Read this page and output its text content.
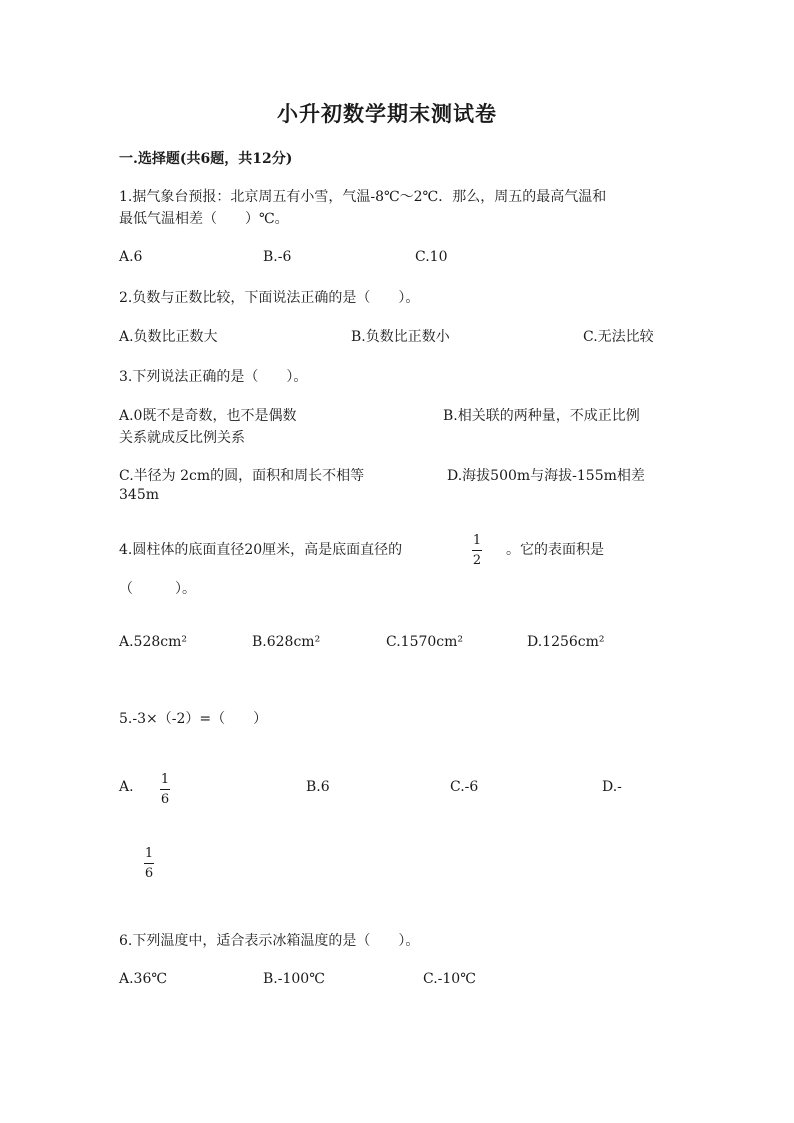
小升初数学期末测试卷
一.选择题(共6题，共12分)
1.据气象台预报：北京周五有小雪，气温-8℃～2℃．那么，周五的最高气温和
最低气温相差（　　）℃。
A.6	B.-6	C.10
2.负数与正数比较，下面说法正确的是（　　）。
A.负数比正数大	B.负数比正数小	C.无法比较
3.下列说法正确的是（　　）。
A.0既不是奇数，也不是偶数	B.相关联的两种量，不成正比例
关系就成反比例关系
C.半径为 2cm的圆，面积和周长不相等	D.海拔500m与海拔-155m相差
345m
4.圆柱体的底面直径20厘米，高是底面直径的
1
2
。它的表面积是
（　　　）。
A.528cm²	B.628cm²	C.1570cm²	D.1256cm²
5.-3×（-2）=（　　）
A. 1
6
B.6	C.-6	D.-
1
6
6.下列温度中，适合表示冰箱温度的是（　　）。
A.36℃	B.-100℃	C.-10℃
